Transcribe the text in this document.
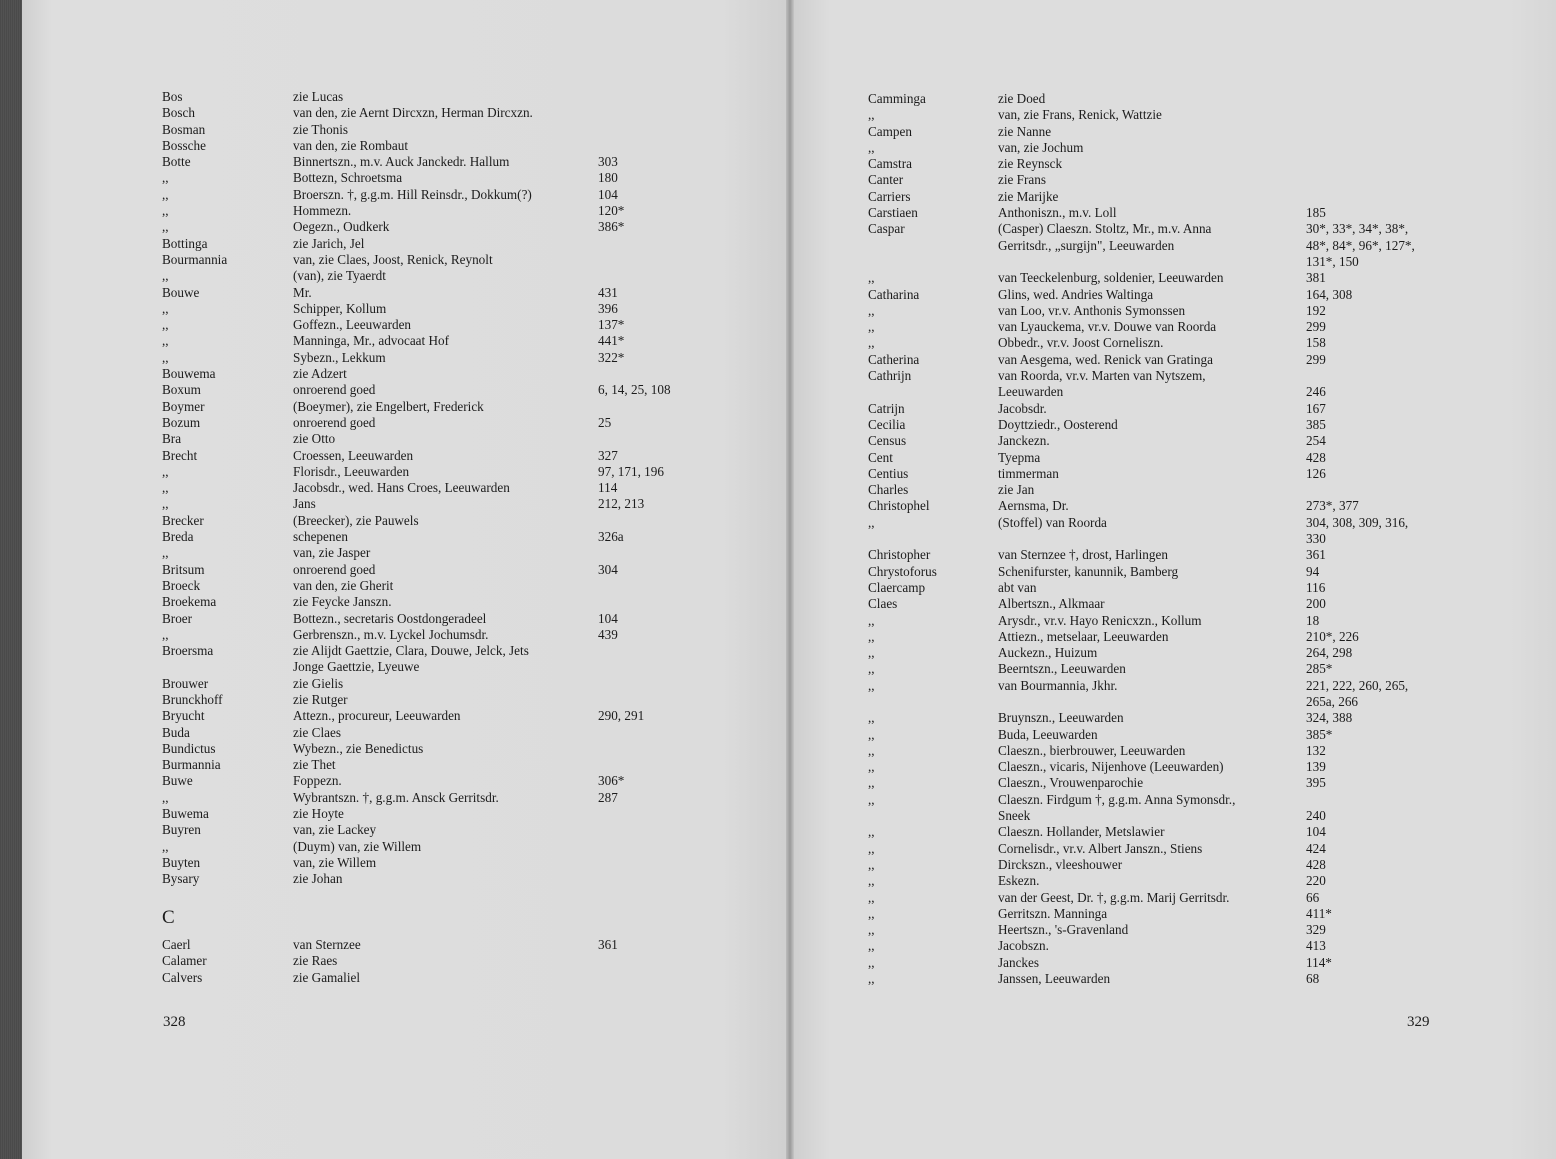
Bos	zie Lucas
Bosch	van den, zie Aernt Dircxzn, Herman Dircxzn.
Bosman	zie Thonis
Bossche	van den, zie Rombaut
Botte	Binnertszn., m.v. Auck Janckedr. Hallum	303
,,	Bottezn, Schroetsma	180
,,	Broerszn. †, g.g.m. Hill Reinsdr., Dokkum(?)	104
,,	Hommezn.	120*
,,	Oegezn., Oudkerk	386*
Bottinga	zie Jarich, Jel
Bourmannia	van, zie Claes, Joost, Renick, Reynolt
,,	(van), zie Tyaerdt
Bouwe	Mr.	431
,,	Schipper, Kollum	396
,,	Goffezn., Leeuwarden	137*
,,	Manninga, Mr., advocaat Hof	441*
,,	Sybezn., Lekkum	322*
Bouwema	zie Adzert
Boxum	onroerend goed	6, 14, 25, 108
Boymer	(Boeymer), zie Engelbert, Frederick
Bozum	onroerend goed	25
Bra	zie Otto
Brecht	Croessen, Leeuwarden	327
,,	Florisdr., Leeuwarden	97, 171, 196
,,	Jacobsdr., wed. Hans Croes, Leeuwarden	114
,,	Jans	212, 213
Brecker	(Breecker), zie Pauwels
Breda	schepenen	326a
,,	van, zie Jasper
Britsum	onroerend goed	304
Broeck	van den, zie Gherit
Broekema	zie Feycke Janszn.
Broer	Bottezn., secretaris Oostdongeradeel	104
,,	Gerbrenszn., m.v. Lyckel Jochumsdr.	439
Broersma	zie Alijdt Gaettzie, Clara, Douwe, Jelck, Jets
Jonge Gaettzie, Lyeuwe
Brouwer	zie Gielis
Brunckhoff	zie Rutger
Bryucht	Attezn., procureur, Leeuwarden	290, 291
Buda	zie Claes
Bundictus	Wybezn., zie Benedictus
Burmannia	zie Thet
Buwe	Foppezn.	306*
,,	Wybrantszn. †, g.g.m. Ansck Gerritsdr.	287
Buwema	zie Hoyte
Buyren	van, zie Lackey
,,	(Duym) van, zie Willem
Buyten	van, zie Willem
Bysary	zie Johan
C
Caerl	van Sternzee	361
Calamer	zie Raes
Calvers	zie Gamaliel
Camminga	zie Doed
,,	van, zie Frans, Renick, Wattzie
Campen	zie Nanne
,,	van, zie Jochum
Camstra	zie Reynsck
Canter	zie Frans
Carriers	zie Marijke
Carstiaen	Anthoniszn., m.v. Loll	185
Caspar	(Casper) Claeszn. Stoltz, Mr., m.v. Anna	30*, 33*, 34*, 38*,
Gerritsdr., „surgijn", Leeuwarden	48*, 84*, 96*, 127*,
131*, 150
,,	van Teeckelenburg, soldenier, Leeuwarden	381
Catharina	Glins, wed. Andries Waltinga	164, 308
,,	van Loo, vr.v. Anthonis Symonssen	192
,,	van Lyauckema, vr.v. Douwe van Roorda	299
,,	Obbedr., vr.v. Joost Corneliszn.	158
Catherina	van Aesgema, wed. Renick van Gratinga	299
Cathrijn	van Roorda, vr.v. Marten van Nytszem,
Leeuwarden	246
Catrijn	Jacobsdr.	167
Cecilia	Doyttziedr., Oosterend	385
Census	Janckezn.	254
Cent	Tyepma	428
Centius	timmerman	126
Charles	zie Jan
Christophel	Aernsma, Dr.	273*, 377
,,	(Stoffel) van Roorda	304, 308, 309, 316,
330
Christopher	van Sternzee †, drost, Harlingen	361
Chrystoforus	Schenifurster, kanunnik, Bamberg	94
Claercamp	abt van	116
Claes	Albertszn., Alkmaar	200
,,	Arysdr., vr.v. Hayo Renicxzn., Kollum	18
,,	Attiezn., metselaar, Leeuwarden	210*, 226
,,	Auckezn., Huizum	264, 298
,,	Beerntszn., Leeuwarden	285*
,,	van Bourmannia, Jkhr.	221, 222, 260, 265,
265a, 266
,,	Bruynszn., Leeuwarden	324, 388
,,	Buda, Leeuwarden	385*
,,	Claeszn., bierbrouwer, Leeuwarden	132
,,	Claeszn., vicaris, Nijenhove (Leeuwarden)	139
,,	Claeszn., Vrouwenparochie	395
,,	Claeszn. Firdgum †, g.g.m. Anna Symonsdr.,
Sneek	240
,,	Claeszn. Hollander, Metslawier	104
,,	Cornelisdr., vr.v. Albert Janszn., Stiens	424
,,	Dirckszn., vleeshouwer	428
,,	Eskezn.	220
,,	van der Geest, Dr. †, g.g.m. Marij Gerritsdr.	66
,,	Gerritszn. Manninga	411*
,,	Heertszn., 's-Gravenland	329
,,	Jacobszn.	413
,,	Janckes	114*
,,	Janssen, Leeuwarden	68
328	329
